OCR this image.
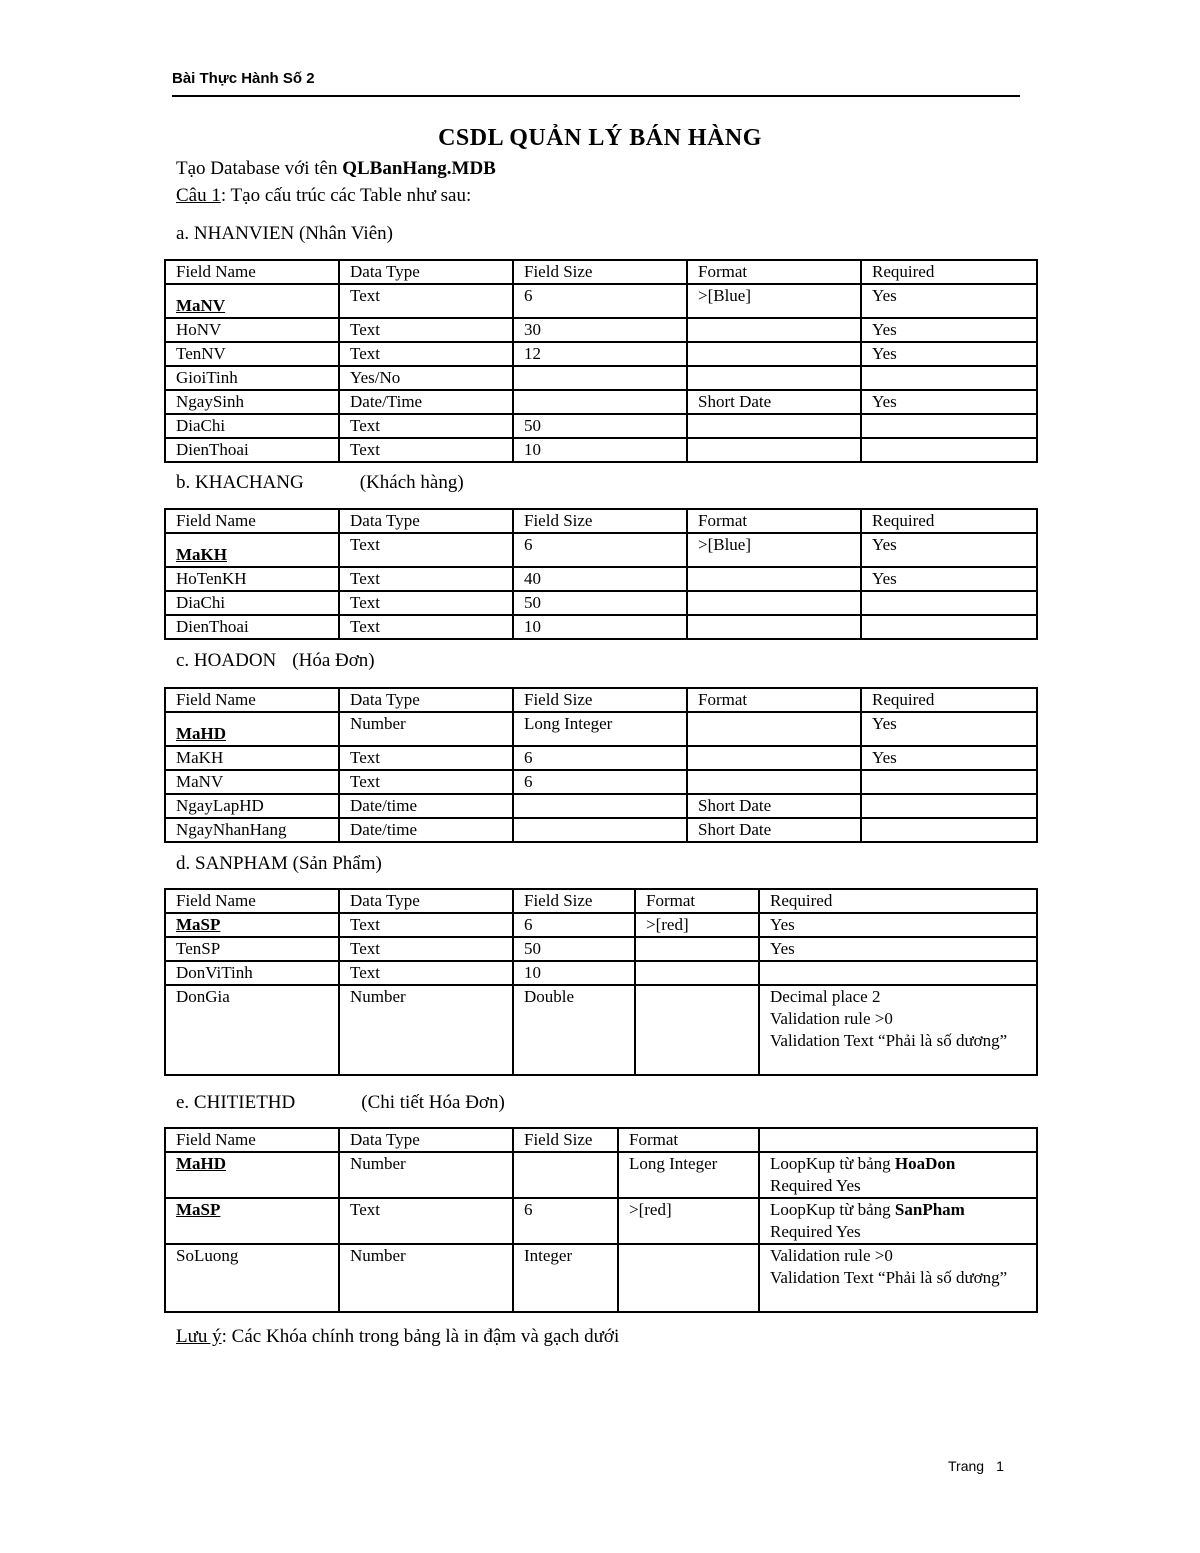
Bài Thực Hành Số 2
CSDL QUẢN LÝ BÁN HÀNG
Tạo Database với tên QLBanHang.MDB
Câu 1: Tạo cấu trúc các Table như sau:
a. NHANVIEN (Nhân Viên)
Field Name	Data Type	Field Size	Format	Required
MaNV	Text	6	>[Blue]	Yes
HoNV	Text	30		Yes
TenNV	Text	12		Yes
GioiTinh	Yes/No			
NgaySinh	Date/Time		Short Date	Yes
DiaChi	Text	50		
DienThoai	Text	10		
b. KHACHANG	(Khách hàng)
Field Name	Data Type	Field Size	Format	Required
MaKH	Text	6	>[Blue]	Yes
HoTenKH	Text	40		Yes
DiaChi	Text	50		
DienThoai	Text	10		
c. HOADON (Hóa Đơn)
Field Name	Data Type	Field Size	Format	Required
MaHD	Number	Long Integer		Yes
MaKH	Text	6		Yes
MaNV	Text	6		
NgayLapHD	Date/time		Short Date	
NgayNhanHang	Date/time		Short Date	
d. SANPHAM (Sản Phẩm)
Field Name	Data Type	Field Size	Format	Required
MaSP	Text	6	>[red]	Yes
TenSP	Text	50		Yes
DonViTinh	Text	10		
DonGia	Number	Double		Decimal place 2
Validation rule >0
Validation Text “Phải là số dương”
e. CHITIETHD	(Chi tiết Hóa Đơn)
Field Name	Data Type	Field Size	Format	
MaHD	Number		Long Integer	LoopKup từ bảng HoaDon
Required Yes

MaSP	Text	6	>[red]	LoopKup từ bảng SanPham
Required Yes

SoLuong	Number	Integer		Validation rule >0
Validation Text “Phải là số dương”
Lưu ý: Các Khóa chính trong bảng là in đậm và gạch dưới
Trang 1
